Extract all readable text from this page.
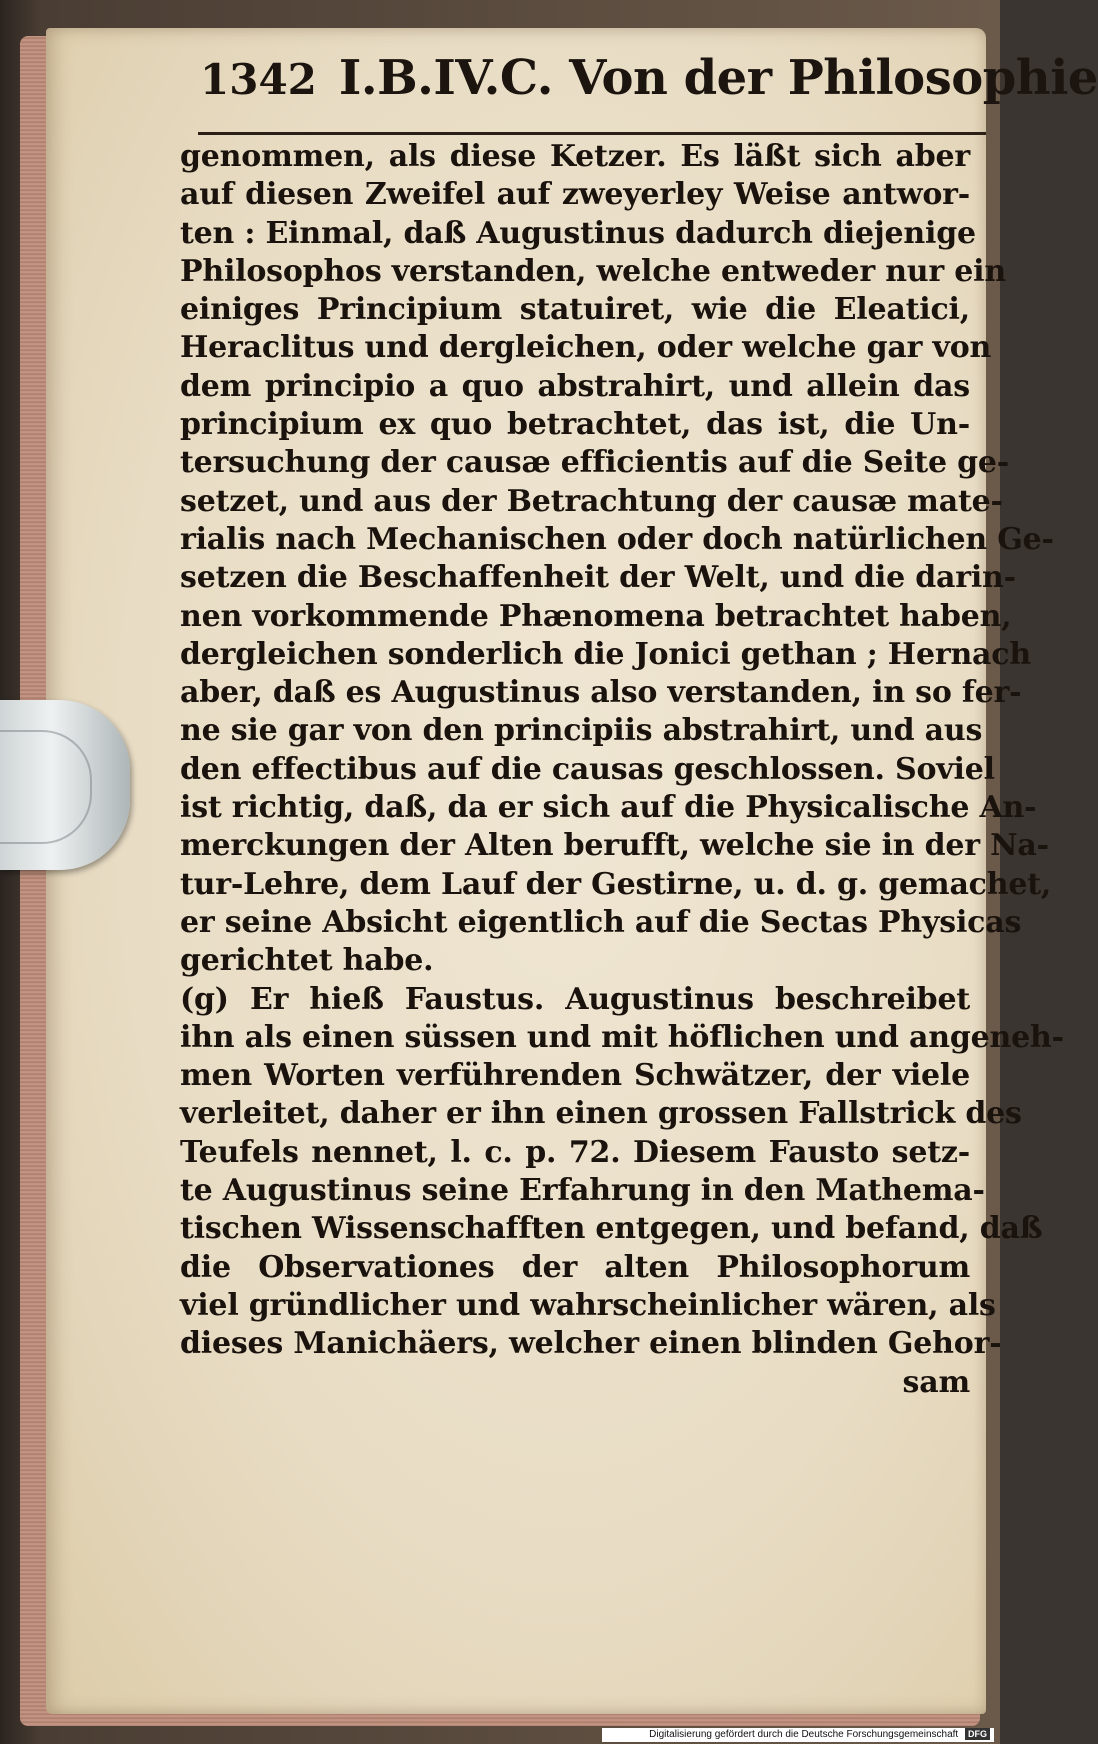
1342 I.B.IV.C. Von der Philosophie
genommen, als diese Ketzer. Es läßt sich aber
auf diesen Zweifel auf zweyerley Weise antwor-
ten : Einmal, daß Augustinus dadurch diejenige
Philosophos verstanden, welche entweder nur ein
einiges Principium statuiret, wie die Eleatici,
Heraclitus und dergleichen, oder welche gar von
dem principio a quo abstrahirt, und allein das
principium ex quo betrachtet, das ist, die Un-
tersuchung der causæ efficientis auf die Seite ge-
setzet, und aus der Betrachtung der causæ mate-
rialis nach Mechanischen oder doch natürlichen Ge-
setzen die Beschaffenheit der Welt, und die darin-
nen vorkommende Phænomena betrachtet haben,
dergleichen sonderlich die Jonici gethan ; Hernach
aber, daß es Augustinus also verstanden, in so fer-
ne sie gar von den principiis abstrahirt, und aus
den effectibus auf die causas geschlossen. Soviel
ist richtig, daß, da er sich auf die Physicalische An-
merckungen der Alten berufft, welche sie in der Na-
tur-Lehre, dem Lauf der Gestirne, u. d. g. gemachet,
er seine Absicht eigentlich auf die Sectas Physicas
gerichtet habe.
(g) Er hieß Faustus. Augustinus beschreibet
ihn als einen süssen und mit höflichen und angeneh-
men Worten verführenden Schwätzer, der viele
verleitet, daher er ihn einen grossen Fallstrick des
Teufels nennet, l. c. p. 72. Diesem Fausto setz-
te Augustinus seine Erfahrung in den Mathema-
tischen Wissenschafften entgegen, und befand, daß
die Observationes der alten Philosophorum
viel gründlicher und wahrscheinlicher wären, als
dieses Manichäers, welcher einen blinden Gehor-
sam
Digitalisierung gefördert durch die Deutsche Forschungsgemeinschaft DFG
